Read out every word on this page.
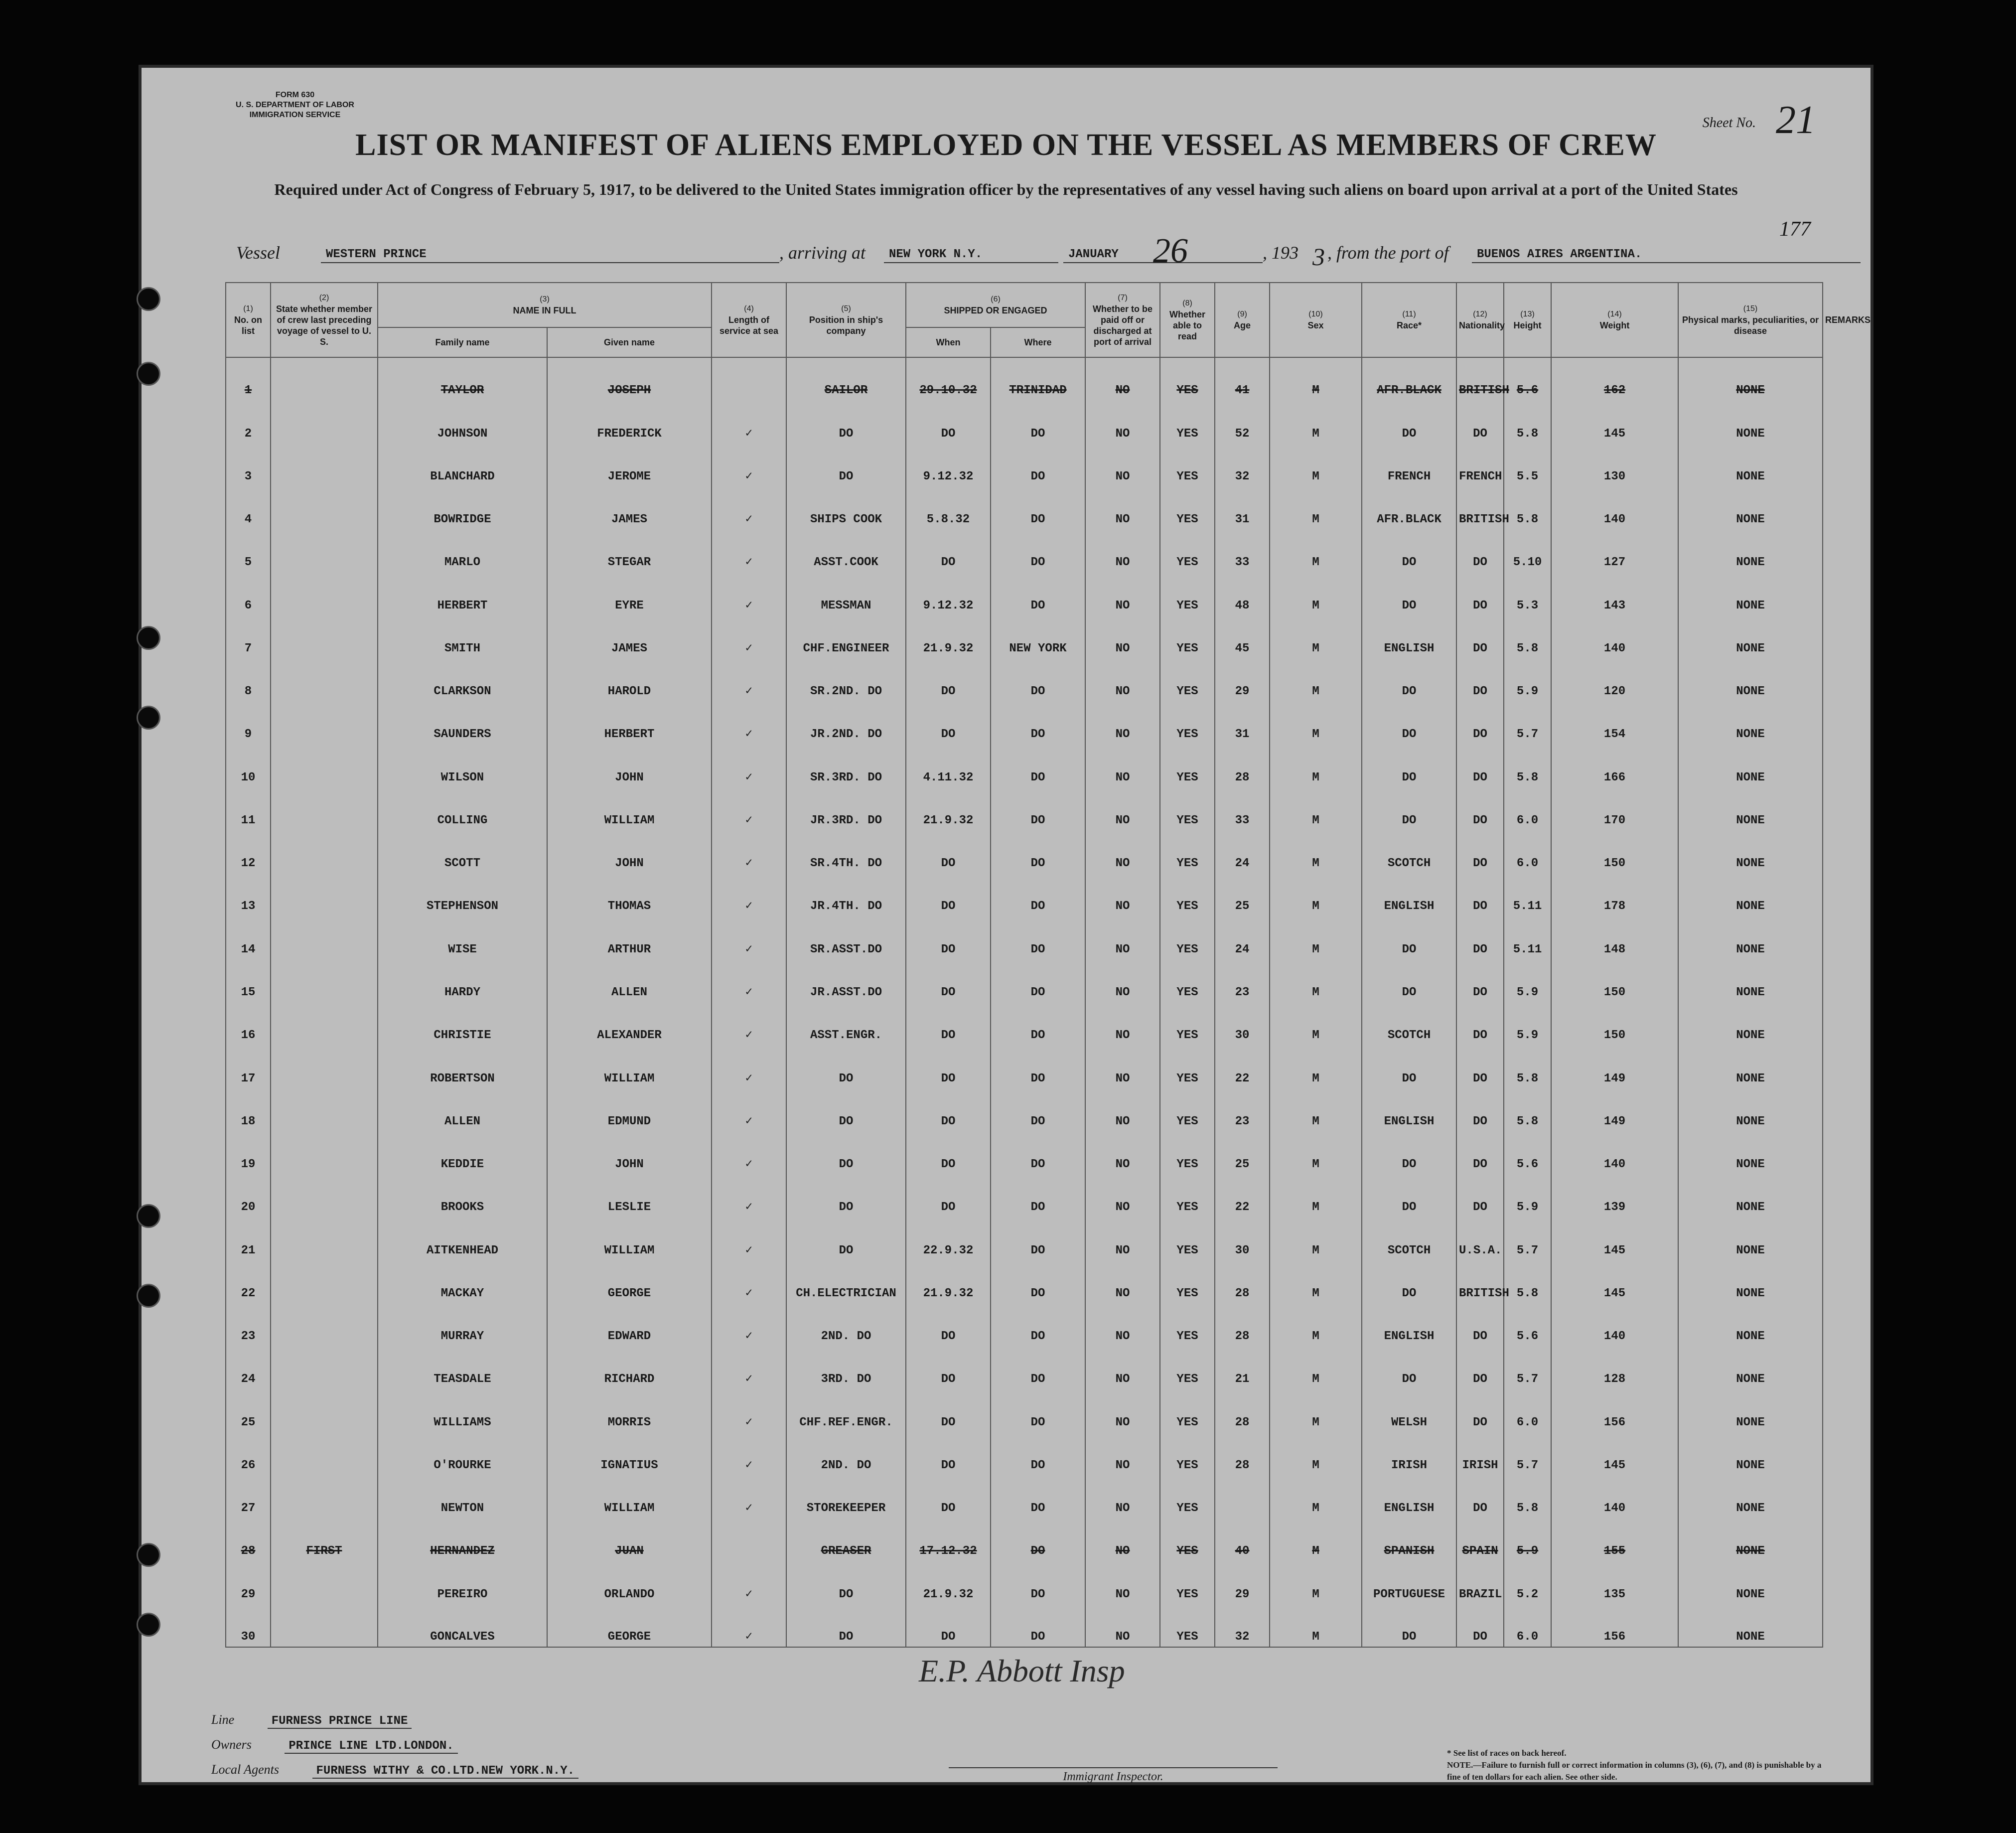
FORM 630
U. S. DEPARTMENT OF LABOR
IMMIGRATION SERVICE
Sheet No. 21
LIST OR MANIFEST OF ALIENS EMPLOYED ON THE VESSEL AS MEMBERS OF CREW
Required under Act of Congress of February 5, 1917, to be delivered to the United States immigration officer by the representatives of any vessel having such aliens on board upon arrival at a port of the United States
177
Vessel	WESTERN PRINCE	, arriving at	NEW YORK N.Y.	JANUARY 26	, 193 3 , from the port of	BUENOS AIRES ARGENTINA.
(1)
No. on list	(2)
State whether member of crew last preceding voyage of vessel to U. S.	(3)
NAME IN FULL		(4)
Length of service at sea	(5)
Position in ship's company	(6)
SHIPPED OR ENGAGED		(7)
Whether to be paid off or discharged at port of arrival	(8)
Whether able to read	(9)
Age	(10)
Sex	(11)
Race*	(12)
Nationality	(13)
Height	(14)
Weight	(15)
Physical marks, peculiarities, or disease	REMARKS
		Family name	Given name			When	Where										
1		TAYLOR	JOSEPH		SAILOR	29.10.32	TRINIDAD	NO	YES	41	M	AFR.BLACK	BRITISH	5.6	162	NONE	
2		JOHNSON	FREDERICK	✓	DO	DO	DO	NO	YES	52	M	DO	DO	5.8	145	NONE	
3		BLANCHARD	JEROME	✓	DO	9.12.32	DO	NO	YES	32	M	FRENCH	FRENCH	5.5	130	NONE	
4		BOWRIDGE	JAMES	✓	SHIPS COOK	5.8.32	DO	NO	YES	31	M	AFR.BLACK	BRITISH	5.8	140	NONE	
5		MARLO	STEGAR	✓	ASST.COOK	DO	DO	NO	YES	33	M	DO	DO	5.10	127	NONE	
6		HERBERT	EYRE	✓	MESSMAN	9.12.32	DO	NO	YES	48	M	DO	DO	5.3	143	NONE	
7		SMITH	JAMES	✓	CHF.ENGINEER	21.9.32	NEW YORK	NO	YES	45	M	ENGLISH	DO	5.8	140	NONE	
8		CLARKSON	HAROLD	✓	SR.2ND. DO	DO	DO	NO	YES	29	M	DO	DO	5.9	120	NONE	
9		SAUNDERS	HERBERT	✓	JR.2ND. DO	DO	DO	NO	YES	31	M	DO	DO	5.7	154	NONE	
10		WILSON	JOHN	✓	SR.3RD. DO	4.11.32	DO	NO	YES	28	M	DO	DO	5.8	166	NONE	
11		COLLING	WILLIAM	✓	JR.3RD. DO	21.9.32	DO	NO	YES	33	M	DO	DO	6.0	170	NONE	
12		SCOTT	JOHN	✓	SR.4TH. DO	DO	DO	NO	YES	24	M	SCOTCH	DO	6.0	150	NONE	
13		STEPHENSON	THOMAS	✓	JR.4TH. DO	DO	DO	NO	YES	25	M	ENGLISH	DO	5.11	178	NONE	
14		WISE	ARTHUR	✓	SR.ASST.DO	DO	DO	NO	YES	24	M	DO	DO	5.11	148	NONE	
15		HARDY	ALLEN	✓	JR.ASST.DO	DO	DO	NO	YES	23	M	DO	DO	5.9	150	NONE	
16		CHRISTIE	ALEXANDER	✓	ASST.ENGR.	DO	DO	NO	YES	30	M	SCOTCH	DO	5.9	150	NONE	
17		ROBERTSON	WILLIAM	✓	DO	DO	DO	NO	YES	22	M	DO	DO	5.8	149	NONE	
18		ALLEN	EDMUND	✓	DO	DO	DO	NO	YES	23	M	ENGLISH	DO	5.8	149	NONE	
19		KEDDIE	JOHN	✓	DO	DO	DO	NO	YES	25	M	DO	DO	5.6	140	NONE	
20		BROOKS	LESLIE	✓	DO	DO	DO	NO	YES	22	M	DO	DO	5.9	139	NONE	
21		AITKENHEAD	WILLIAM	✓	DO	22.9.32	DO	NO	YES	30	M	SCOTCH	U.S.A.	5.7	145	NONE	
22		MACKAY	GEORGE	✓	CH.ELECTRICIAN	21.9.32	DO	NO	YES	28	M	DO	BRITISH	5.8	145	NONE	
23		MURRAY	EDWARD	✓	2ND. DO	DO	DO	NO	YES	28	M	ENGLISH	DO	5.6	140	NONE	
24		TEASDALE	RICHARD	✓	3RD. DO	DO	DO	NO	YES	21	M	DO	DO	5.7	128	NONE	
25		WILLIAMS	MORRIS	✓	CHF.REF.ENGR.	DO	DO	NO	YES	28	M	WELSH	DO	6.0	156	NONE	
26		O'ROURKE	IGNATIUS	✓	2ND. DO	DO	DO	NO	YES	28	M	IRISH	IRISH	5.7	145	NONE	
27		NEWTON	WILLIAM	✓	STOREKEEPER	DO	DO	NO	YES		M	ENGLISH	DO	5.8	140	NONE	
28	FIRST	HERNANDEZ	JUAN		GREASER	17.12.32	DO	NO	YES	40	M	SPANISH	SPAIN	5.9	155	NONE	
29		PEREIRO	ORLANDO	✓	DO	21.9.32	DO	NO	YES	29	M	PORTUGUESE	BRAZIL	5.2	135	NONE	
30		GONCALVES	GEORGE	✓	DO	DO	DO	NO	YES	32	M	DO	DO	6.0	156	NONE	
E.P. Abbott Insp
Line	FURNESS PRINCE LINE
Owners	PRINCE LINE LTD.LONDON.
Local Agents	FURNESS WITHY & CO.LTD.NEW YORK.N.Y.	Immigrant Inspector.
* See list of races on back hereof.
NOTE.—Failure to furnish full or correct information in columns (3), (6), (7), and (8) is punishable by a fine of ten dollars for each alien. See other side.
